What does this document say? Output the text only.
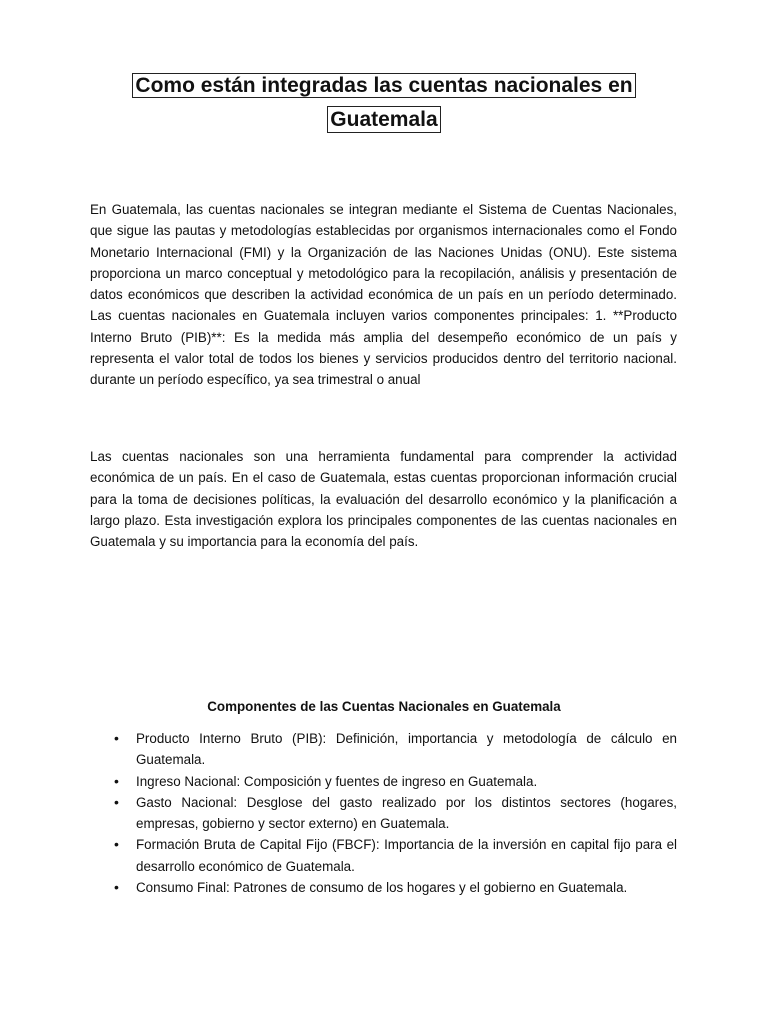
Como están integradas las cuentas nacionales en
Guatemala

En Guatemala, las cuentas nacionales se integran mediante el Sistema de Cuentas Nacionales, que sigue las pautas y metodologías establecidas por organismos internacionales como el Fondo Monetario Internacional (FMI) y la Organización de las Naciones Unidas (ONU). Este sistema proporciona un marco conceptual y metodológico para la recopilación, análisis y presentación de datos económicos que describen la actividad económica de un país en un período determinado. Las cuentas nacionales en Guatemala incluyen varios componentes principales: 1. **Producto Interno Bruto (PIB)**: Es la medida más amplia del desempeño económico de un país y representa el valor total de todos los bienes y servicios producidos dentro del territorio nacional. durante un período específico, ya sea trimestral o anual

Las cuentas nacionales son una herramienta fundamental para comprender la actividad económica de un país. En el caso de Guatemala, estas cuentas proporcionan información crucial para la toma de decisiones políticas, la evaluación del desarrollo económico y la planificación a largo plazo. Esta investigación explora los principales componentes de las cuentas nacionales en Guatemala y su importancia para la economía del país.

Componentes de las Cuentas Nacionales en Guatemala
• Producto Interno Bruto (PIB): Definición, importancia y metodología de cálculo en Guatemala.
• Ingreso Nacional: Composición y fuentes de ingreso en Guatemala.
• Gasto Nacional: Desglose del gasto realizado por los distintos sectores (hogares, empresas, gobierno y sector externo) en Guatemala.
• Formación Bruta de Capital Fijo (FBCF): Importancia de la inversión en capital fijo para el desarrollo económico de Guatemala.
• Consumo Final: Patrones de consumo de los hogares y el gobierno en Guatemala.
